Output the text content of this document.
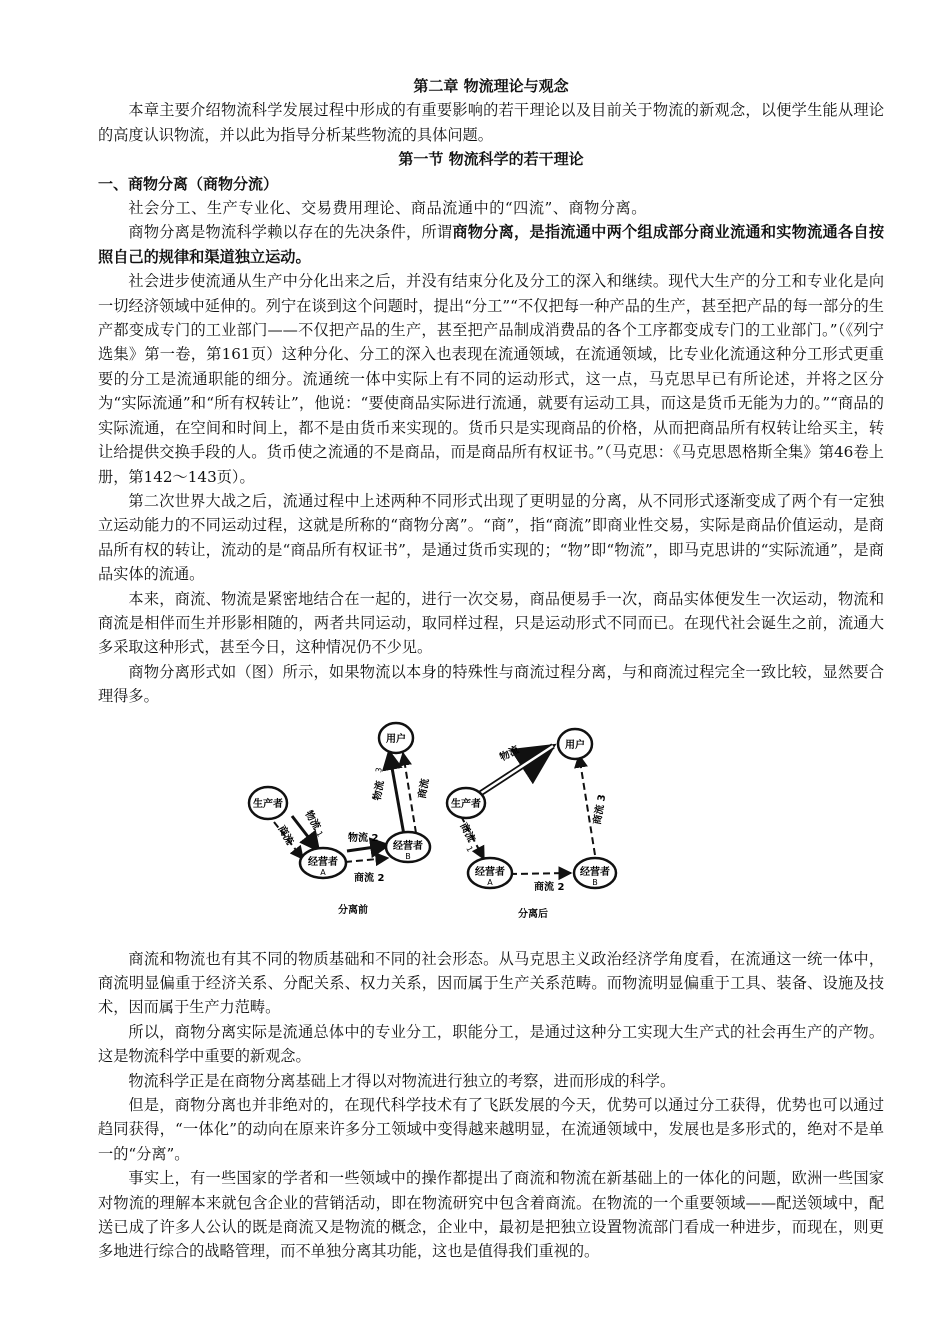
第二章 物流理论与观念

本章主要介绍物流科学发展过程中形成的有重要影响的若干理论以及目前关于物流的新观念，以便学生能从理论的高度认识物流，并以此为指导分析某些物流的具体问题。

第一节 物流科学的若干理论

一、商物分离（商物分流）

社会分工、生产专业化、交易费用理论、商品流通中的“四流”、商物分离。

商物分离是物流科学赖以存在的先决条件，所谓商物分离，是指流通中两个组成部分商业流通和实物流通各自按照自己的规律和渠道独立运动。

社会进步使流通从生产中分化出来之后，并没有结束分化及分工的深入和继续。现代大生产的分工和专业化是向一切经济领域中延伸的。列宁在谈到这个问题时，提出“分工”“不仅把每一种产品的生产，甚至把产品的每一部分的生产都变成专门的工业部门——不仅把产品的生产，甚至把产品制成消费品的各个工序都变成专门的工业部门。”（《列宁选集》第一卷，第161页）这种分化、分工的深入也表现在流通领域，在流通领域，比专业化流通这种分工形式更重要的分工是流通职能的细分。流通统一体中实际上有不同的运动形式，这一点，马克思早已有所论述，并将之区分为“实际流通”和“所有权转让”，他说：“要使商品实际进行流通，就要有运动工具，而这是货币无能为力的。”“商品的实际流通，在空间和时间上，都不是由货币来实现的。货币只是实现商品的价格，从而把商品所有权转让给买主，转让给提供交换手段的人。货币使之流通的不是商品，而是商品所有权证书。”（马克思：《马克思恩格斯全集》第46卷上册，第142～143页）。

第二次世界大战之后，流通过程中上述两种不同形式出现了更明显的分离，从不同形式逐渐变成了两个有一定独立运动能力的不同运动过程，这就是所称的“商物分离”。“商”，指“商流”即商业性交易，实际是商品价值运动，是商品所有权的转让，流动的是“商品所有权证书”，是通过货币实现的；“物”即“物流”，即马克思讲的“实际流通”，是商品实体的流通。

本来，商流、物流是紧密地结合在一起的，进行一次交易，商品便易手一次，商品实体便发生一次运动，物流和商流是相伴而生并形影相随的，两者共同运动，取同样过程，只是运动形式不同而已。在现代社会诞生之前，流通大多采取这种形式，甚至今日，这种情况仍不少见。

商物分离形式如（图）所示，如果物流以本身的特殊性与商流过程分离，与和商流过程完全一致比较，显然要合理得多。

生产者
用户
经营者
A
经营者
B
物流
1
商流	物流 2
商流 2
物流
3
商流
分离前
生产者
用户
经营者
A
经营者
B
物流
商流
1
商流 2
商流 3
分离后

商流和物流也有其不同的物质基础和不同的社会形态。从马克思主义政治经济学角度看，在流通这一统一体中，商流明显偏重于经济关系、分配关系、权力关系，因而属于生产关系范畴。而物流明显偏重于工具、装备、设施及技术，因而属于生产力范畴。

所以，商物分离实际是流通总体中的专业分工，职能分工，是通过这种分工实现大生产式的社会再生产的产物。这是物流科学中重要的新观念。

物流科学正是在商物分离基础上才得以对物流进行独立的考察，进而形成的科学。

但是，商物分离也并非绝对的，在现代科学技术有了飞跃发展的今天，优势可以通过分工获得，优势也可以通过趋同获得，“一体化”的动向在原来许多分工领域中变得越来越明显，在流通领域中，发展也是多形式的，绝对不是单一的“分离”。

事实上，有一些国家的学者和一些领域中的操作都提出了商流和物流在新基础上的一体化的问题，欧洲一些国家对物流的理解本来就包含企业的营销活动，即在物流研究中包含着商流。在物流的一个重要领域——配送领域中，配送已成了许多人公认的既是商流又是物流的概念，企业中，最初是把独立设置物流部门看成一种进步，而现在，则更多地进行综合的战略管理，而不单独分离其功能，这也是值得我们重视的。
